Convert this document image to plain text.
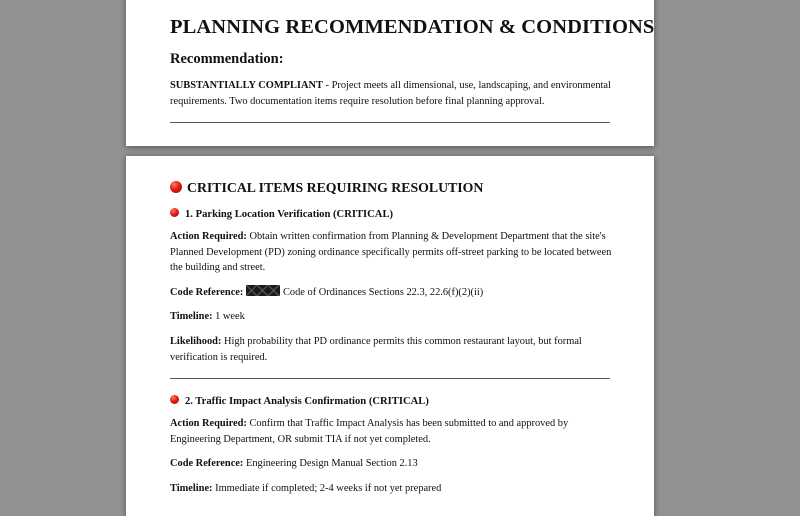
PLANNING RECOMMENDATION & CONDITIONS
Recommendation:

SUBSTANTIALLY COMPLIANT - Project meets all dimensional, use, landscaping, and environmental requirements. Two documentation items require resolution before final planning approval.

CRITICAL ITEMS REQUIRING RESOLUTION
1. Parking Location Verification (CRITICAL)

Action Required: Obtain written confirmation from Planning & Development Department that the site's Planned Development (PD) zoning ordinance specifically permits off-street parking to be located between the building and street.

Code Reference:	Code of Ordinances Sections 22.3, 22.6(f)(2)(ii)

Timeline: 1 week

Likelihood: High probability that PD ordinance permits this common restaurant layout, but formal verification is required.

2. Traffic Impact Analysis Confirmation (CRITICAL)

Action Required: Confirm that Traffic Impact Analysis has been submitted to and approved by Engineering Department, OR submit TIA if not yet completed.

Code Reference: Engineering Design Manual Section 2.13

Timeline: Immediate if completed; 2-4 weeks if not yet prepared
